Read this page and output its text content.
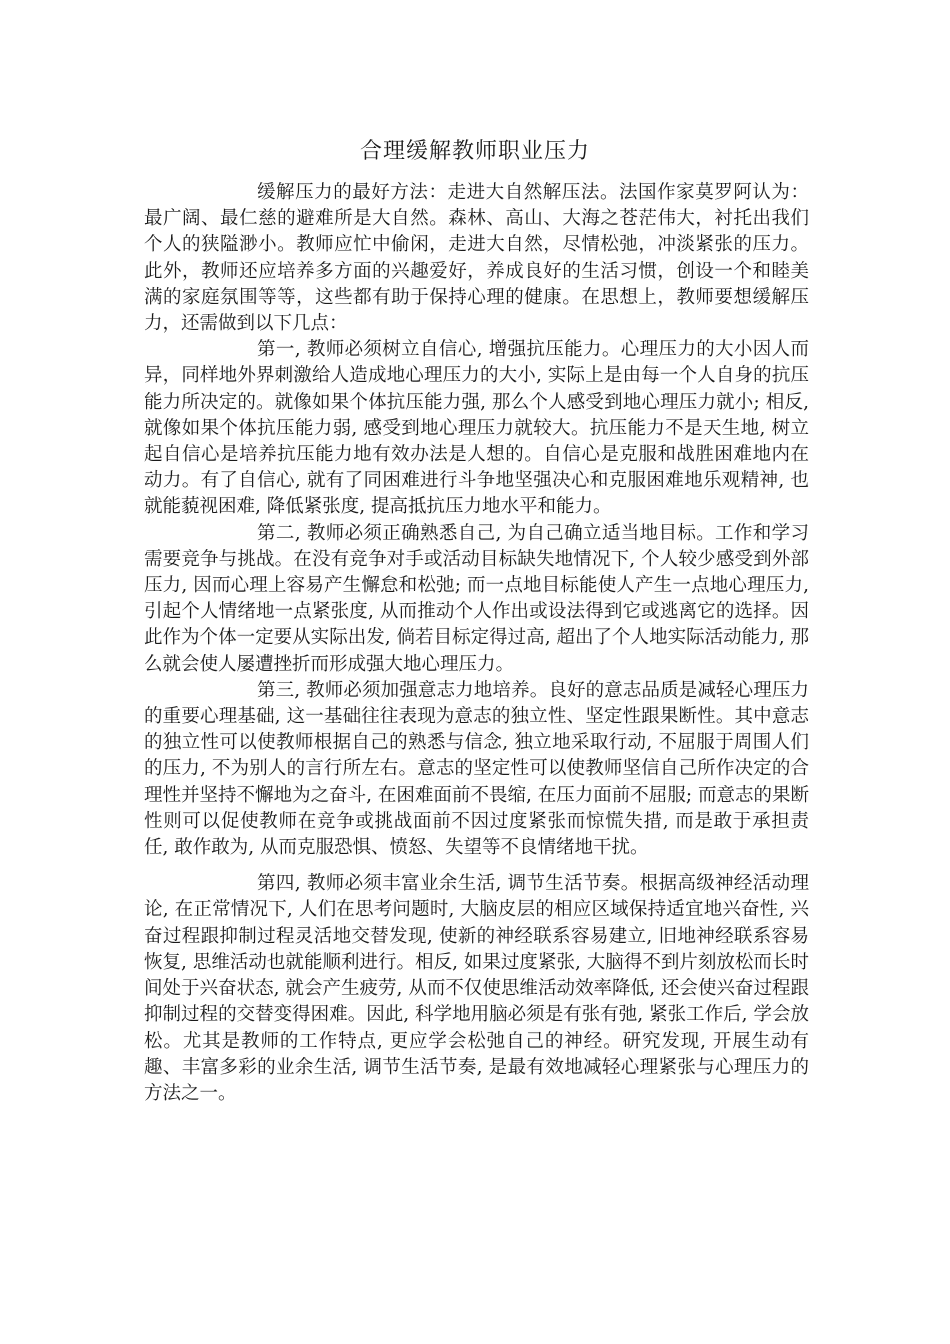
合理缓解教师职业压力

缓解压力的最好方法：走进大自然解压法。法国作家莫罗阿认为：最广阔、最仁慈的避难所是大自然。森林、高山、大海之苍茫伟大，衬托出我们个人的狭隘渺小。教师应忙中偷闲，走进大自然，尽情松弛，冲淡紧张的压力。此外，教师还应培养多方面的兴趣爱好，养成良好的生活习惯，创设一个和睦美满的家庭氛围等等，这些都有助于保持心理的健康。在思想上，教师要想缓解压力，还需做到以下几点：

第一, 教师必须树立自信心, 增强抗压能力。心理压力的大小因人而异，同样地外界刺激给人造成地心理压力的大小, 实际上是由每一个人自身的抗压能力所决定的。就像如果个体抗压能力强, 那么个人感受到地心理压力就小; 相反, 就像如果个体抗压能力弱, 感受到地心理压力就较大。抗压能力不是天生地, 树立起自信心是培养抗压能力地有效办法是人想的。自信心是克服和战胜困难地内在动力。有了自信心, 就有了同困难进行斗争地坚强决心和克服困难地乐观精神, 也就能藐视困难, 降低紧张度, 提高抵抗压力地水平和能力。

第二, 教师必须正确熟悉自己, 为自己确立适当地目标。工作和学习需要竞争与挑战。在没有竞争对手或活动目标缺失地情况下, 个人较少感受到外部压力, 因而心理上容易产生懈怠和松弛; 而一点地目标能使人产生一点地心理压力, 引起个人情绪地一点紧张度, 从而推动个人作出或设法得到它或逃离它的选择。因此作为个体一定要从实际出发, 倘若目标定得过高, 超出了个人地实际活动能力, 那么就会使人屡遭挫折而形成强大地心理压力。

第三, 教师必须加强意志力地培养。良好的意志品质是减轻心理压力的重要心理基础, 这一基础往往表现为意志的独立性、坚定性跟果断性。其中意志的独立性可以使教师根据自己的熟悉与信念, 独立地采取行动, 不屈服于周围人们的压力, 不为别人的言行所左右。意志的坚定性可以使教师坚信自己所作决定的合理性并坚持不懈地为之奋斗, 在困难面前不畏缩, 在压力面前不屈服; 而意志的果断性则可以促使教师在竞争或挑战面前不因过度紧张而惊慌失措, 而是敢于承担责任, 敢作敢为, 从而克服恐惧、愤怒、失望等不良情绪地干扰。

第四, 教师必须丰富业余生活, 调节生活节奏。根据高级神经活动理论, 在正常情况下, 人们在思考问题时, 大脑皮层的相应区域保持适宜地兴奋性, 兴奋过程跟抑制过程灵活地交替发现, 使新的神经联系容易建立, 旧地神经联系容易恢复, 思维活动也就能顺利进行。相反, 如果过度紧张, 大脑得不到片刻放松而长时间处于兴奋状态, 就会产生疲劳, 从而不仅使思维活动效率降低, 还会使兴奋过程跟抑制过程的交替变得困难。因此, 科学地用脑必须是有张有弛, 紧张工作后, 学会放松。尤其是教师的工作特点, 更应学会松弛自己的神经。研究发现, 开展生动有趣、丰富多彩的业余生活, 调节生活节奏, 是最有效地减轻心理紧张与心理压力的方法之一。
